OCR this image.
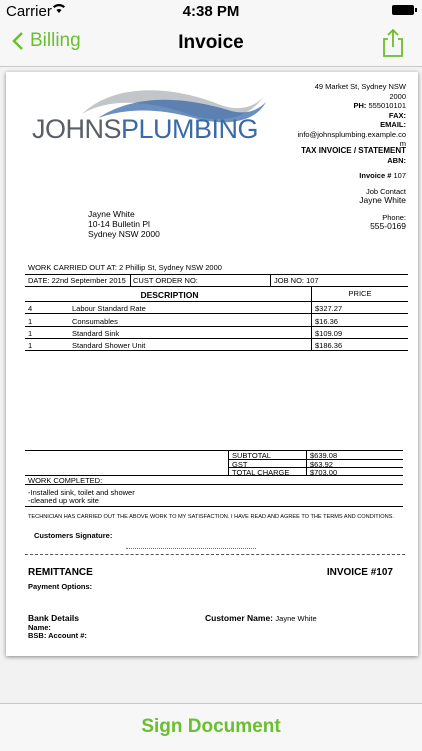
Carrier	4:38 PM
Billing	Invoice
JOHNSPLUMBING
49 Market St, Sydney NSW
2000
PH: 555010101
FAX:
EMAIL:
info@johnsplumbing.example.co
m
TAX INVOICE / STATEMENT
ABN:
Invoice # 107
Job Contact
Jayne White
Phone:
555-0169
Jayne White
10-14 Bulletin Pl
Sydney NSW 2000
WORK CARRIED OUT AT: 2 Phillip St, Sydney NSW 2000
DATE: 22nd September 2015 CUST ORDER NO:	JOB NO: 107
DESCRIPTION	PRICE
4	Labour Standard Rate	$327.27
1	Consumables	$16.36
1	Standard Sink	$109.09
1	Standard Shower Unit	$186.36
SUBTOTAL	$639.08
GST	$63.92
TOTAL CHARGE	$703.00
WORK COMPLETED:
-Installed sink, toilet and shower
-cleaned up work site
TECHNICIAN HAS CARRIED OUT THE ABOVE WORK TO MY SATISFACTION. I HAVE READ AND AGREE TO THE TERMS AND CONDITIONS.
Customers Signature:
REMITTANCE	INVOICE #107
Payment Options:
Bank Details
Name:
BSB: Account #:
Customer Name: Jayne White
Sign Document
